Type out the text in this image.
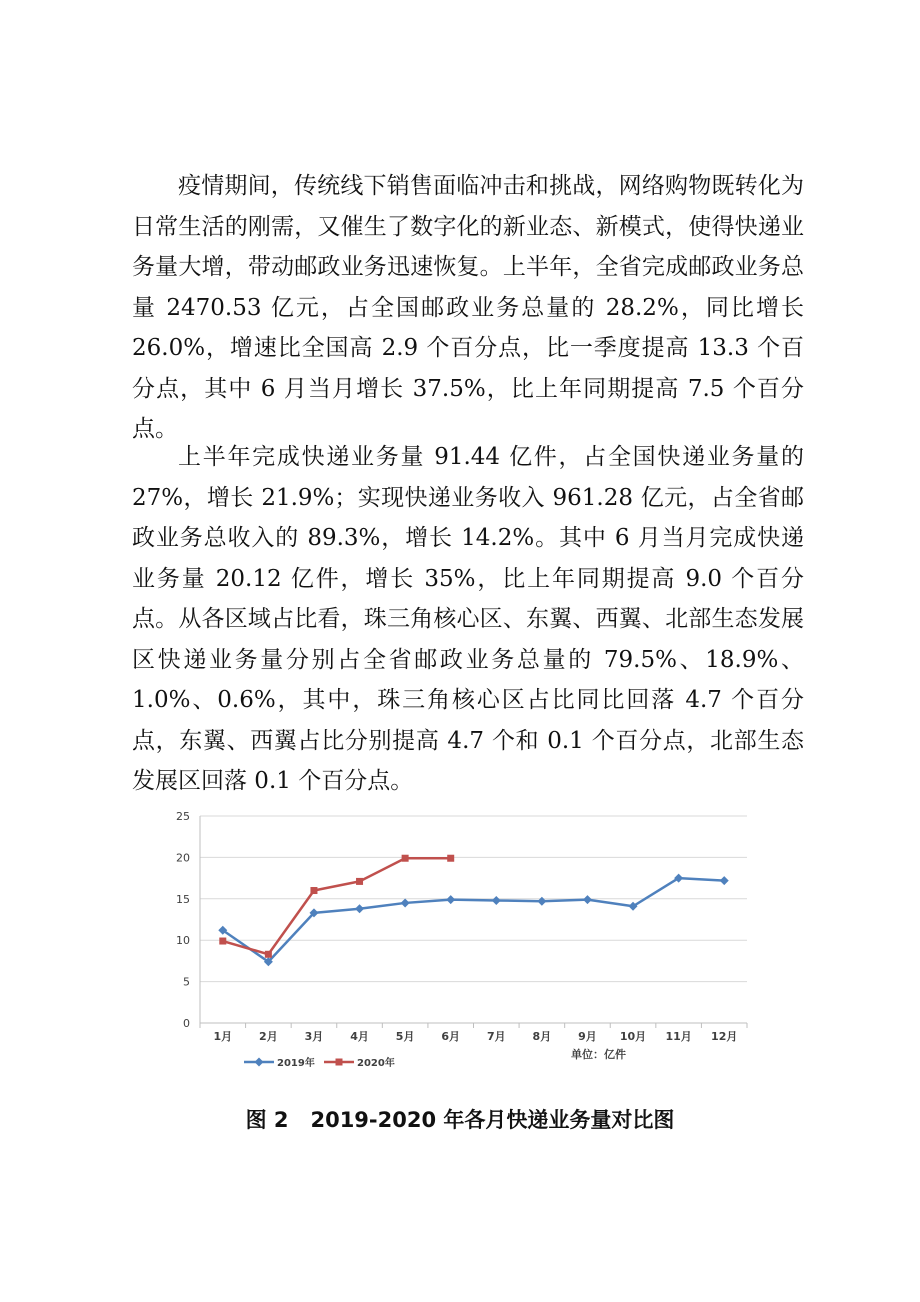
疫情期间，传统线下销售面临冲击和挑战，网络购物既转化为日常生活的刚需，又催生了数字化的新业态、新模式，使得快递业务量大增，带动邮政业务迅速恢复。上半年，全省完成邮政业务总量 2470.53 亿元，占全国邮政业务总量的 28.2%，同比增长 26.0%，增速比全国高 2.9 个百分点，比一季度提高 13.3 个百分点，其中 6 月当月增长 37.5%，比上年同期提高 7.5 个百分点。

上半年完成快递业务量 91.44 亿件，占全国快递业务量的 27%，增长 21.9%；实现快递业务收入 961.28 亿元，占全省邮政业务总收入的 89.3%，增长 14.2%。其中 6 月当月完成快递业务量 20.12 亿件，增长 35%，比上年同期提高 9.0 个百分点。从各区域占比看，珠三角核心区、东翼、西翼、北部生态发展区快递业务量分别占全省邮政业务总量的 79.5%、18.9%、1.0%、0.6%，其中，珠三角核心区占比同比回落 4.7 个百分点，东翼、西翼占比分别提高 4.7 个和 0.1 个百分点，北部生态发展区回落 0.1 个百分点。

0
5
10
15
20
25
1月 2月 3月 4月 5月 6月 7月 8月 9月 10月 11月 12月
2019年	2020年
单位：亿件
图 2 2019-2020 年各月快递业务量对比图
